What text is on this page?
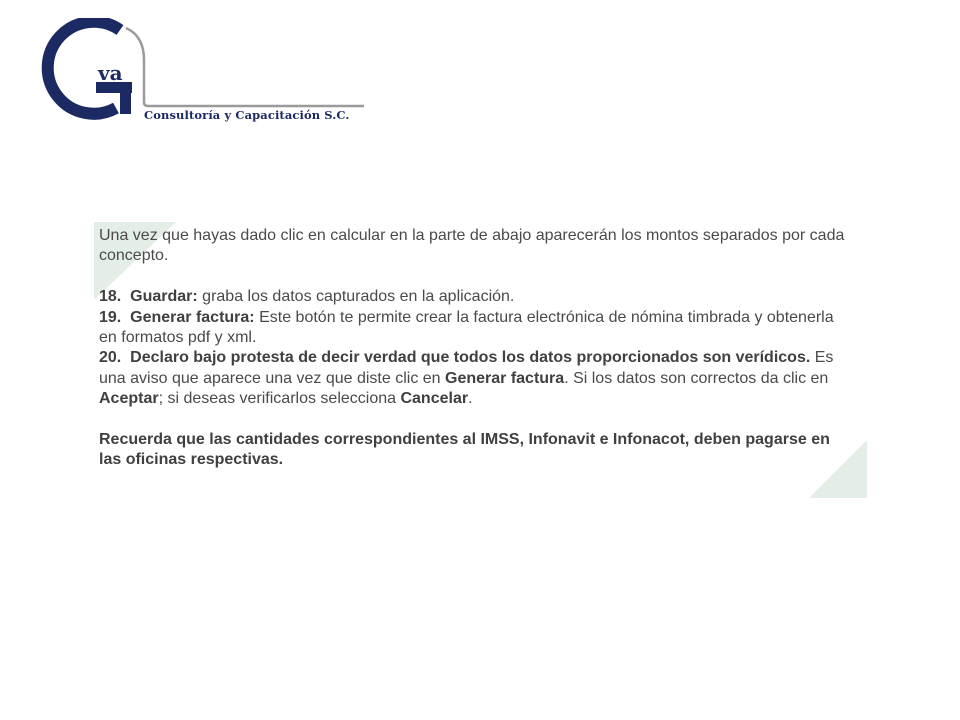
va
Consultoría y Capacitación S.C.

Una vez que hayas dado clic en calcular en la parte de abajo aparecerán los montos separados por cada concepto.

18. Guardar: graba los datos capturados en la aplicación.

19. Generar factura: Este botón te permite crear la factura electrónica de nómina timbrada y obtenerla en formatos pdf y xml.

20. Declaro bajo protesta de decir verdad que todos los datos proporcionados son verídicos. Es una aviso que aparece una vez que diste clic en Generar factura. Si los datos son correctos da clic en Aceptar; si deseas verificarlos selecciona Cancelar.

Recuerda que las cantidades correspondientes al IMSS, Infonavit e Infonacot, deben pagarse en las oficinas respectivas.
